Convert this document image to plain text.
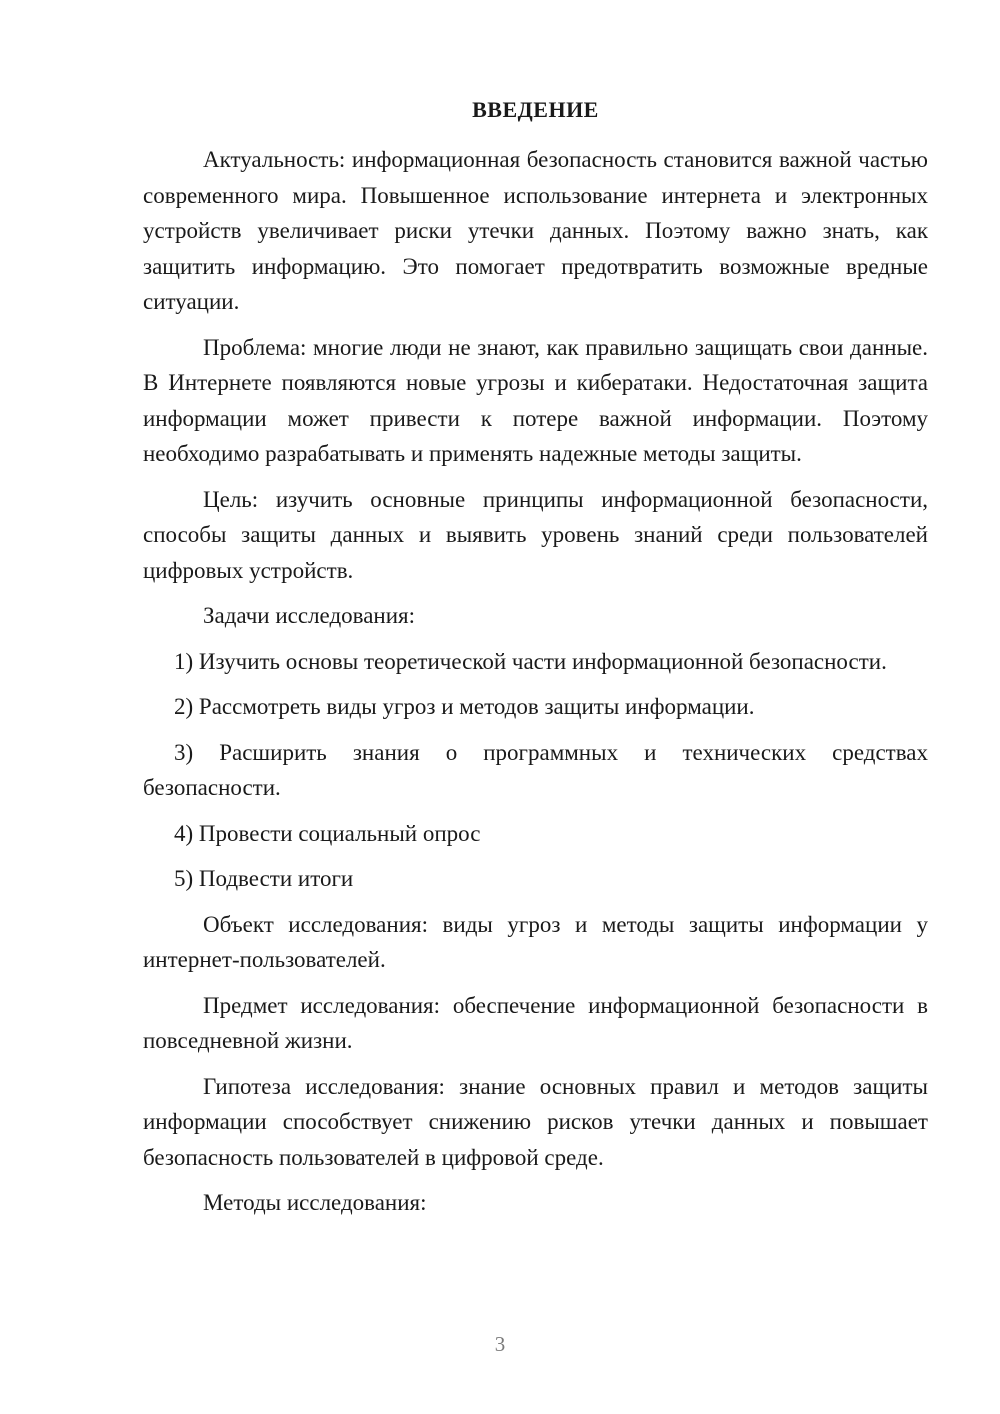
ВВЕДЕНИЕ

Актуальность: информационная безопасность становится важной частью современного мира. Повышенное использование интернета и электронных устройств увеличивает риски утечки данных. Поэтому важно знать, как защитить информацию. Это помогает предотвратить возможные вредные ситуации.

Проблема: многие люди не знают, как правильно защищать свои данные. В Интернете появляются новые угрозы и кибератаки. Недостаточная защита информации может привести к потере важной информации. Поэтому необходимо разрабатывать и применять надежные методы защиты.

Цель: изучить основные принципы информационной безопасности, способы защиты данных и выявить уровень знаний среди пользователей цифровых устройств.

Задачи исследования:

1) Изучить основы теоретической части информационной безопасности.

2) Рассмотреть виды угроз и методов защиты информации.

3) Расширить знания о программных и технических средствах безопасности.

4) Провести социальный опрос

5) Подвести итоги

Объект исследования: виды угроз и методы защиты информации у интернет-пользователей.

Предмет исследования: обеспечение информационной безопасности в повседневной жизни.

Гипотеза исследования: знание основных правил и методов защиты информации способствует снижению рисков утечки данных и повышает безопасность пользователей в цифровой среде.

Методы исследования:

3
